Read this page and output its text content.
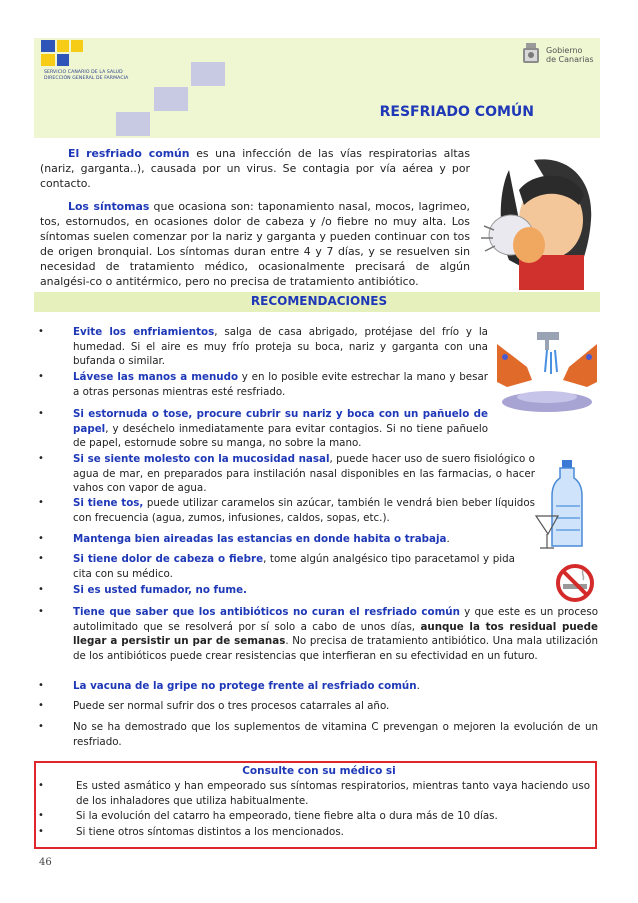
SERVICIO CANARIO DE LA SALUD
DIRECCIÓN GENERAL DE FARMACIA
Gobierno
de Canarias
RESFRIADO COMÚN
El resfriado común es una infección de las vías respiratorias altas (nariz, garganta..), causada por un virus. Se contagia por vía aérea y por contacto.
Los síntomas que ocasiona son: taponamiento nasal, mocos, lagrimeo, tos, estornudos, en ocasiones dolor de cabeza y /o fiebre no muy alta. Los síntomas suelen comenzar por la nariz y garganta y pueden continuar con tos de origen bronquial. Los síntomas duran entre 4 y 7 días, y se resuelven sin necesidad de tratamiento médico, ocasionalmente precisará de algún analgési-co o antitérmico, pero no precisa de tratamiento antibiótico.
RECOMENDACIONES
•	Evite los enfriamientos, salga de casa abrigado, protéjase del frío y la humedad. Si el aire es muy frío proteja su boca, nariz y garganta con una bufanda o similar.
•	Lávese las manos a menudo y en lo posible evite estrechar la mano y besar a otras personas mientras esté resfriado.
•	Si estornuda o tose, procure cubrir su nariz y boca con un pañuelo de papel, y deséchelo inmediatamente para evitar contagios. Si no tiene pañuelo de papel, estornude sobre su manga, no sobre la mano.
•	Si se siente molesto con la mucosidad nasal, puede hacer uso de suero fisiológico o agua de mar, en preparados para instilación nasal disponibles en las farmacias, o hacer vahos con vapor de agua.
•	Si tiene tos, puede utilizar caramelos sin azúcar, también le vendrá bien beber líquidos con frecuencia (agua, zumos, infusiones, caldos, sopas, etc.).
•	Mantenga bien aireadas las estancias en donde habita o trabaja.
•	Si tiene dolor de cabeza o fiebre, tome algún analgésico tipo paracetamol y pida cita con su médico.
•	Si es usted fumador, no fume.
•	Tiene que saber que los antibióticos no curan el resfriado común y que este es un proceso autolimitado que se resolverá por sí solo a cabo de unos días, aunque la tos residual puede llegar a persistir un par de semanas. No precisa de tratamiento antibiótico. Una mala utilización de los antibióticos puede crear resistencias que interfieran en su efectividad en un futuro.
•	La vacuna de la gripe no protege frente al resfriado común.
•	Puede ser normal sufrir dos o tres procesos catarrales al año.
•	No se ha demostrado que los suplementos de vitamina C prevengan o mejoren la evolución de un resfriado.
Consulte con su médico si
•	Es usted asmático y han empeorado sus síntomas respiratorios, mientras tanto vaya haciendo uso de los inhaladores que utiliza habitualmente.
•	Si la evolución del catarro ha empeorado, tiene fiebre alta o dura más de 10 días.
•	Si tiene otros síntomas distintos a los mencionados.
46
